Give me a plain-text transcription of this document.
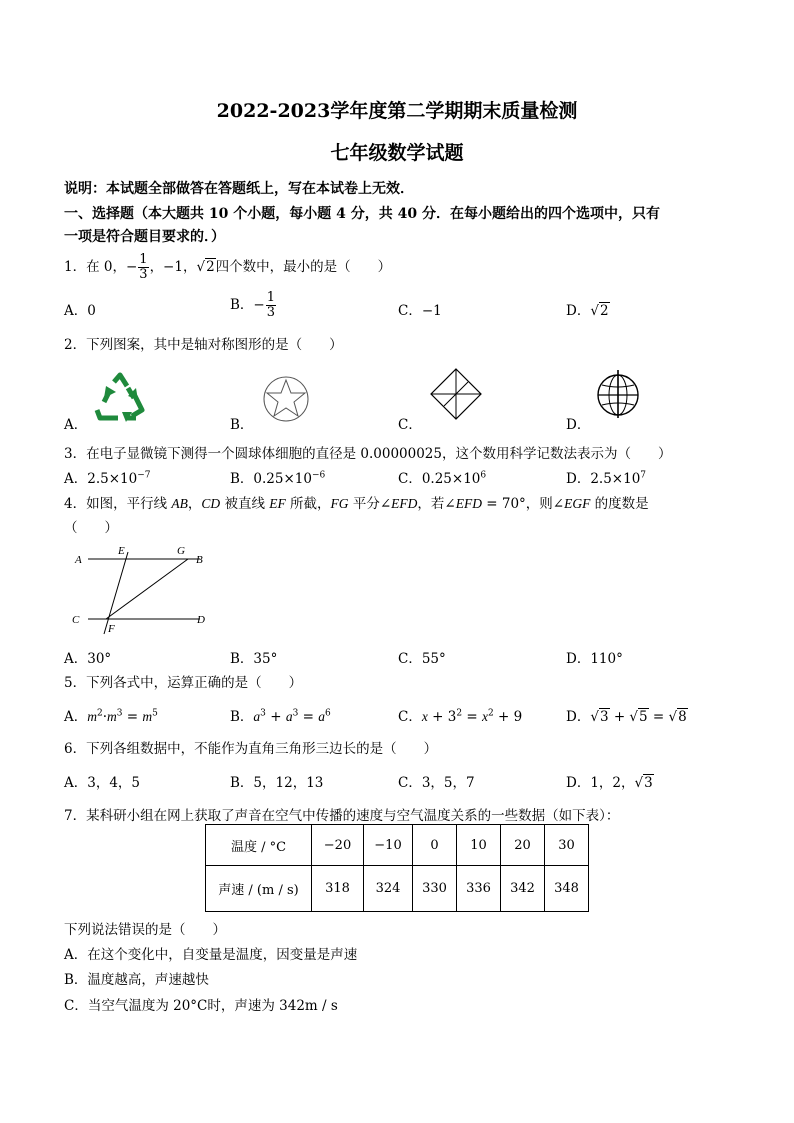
2022-2023学年度第二学期期末质量检测
七年级数学试题
说明：本试题全部做答在答题纸上，写在本试卷上无效．
一、选择题（本大题共 10 个小题，每小题 4 分，共 40 分．在每小题给出的四个选项中，只有
一项是符合题目要求的．）
1．在 0，− $\frac{1}{3}$ ，−1，√2四个数中，最小的是（　　）
A．0	B．− $\frac{1}{3}$	C．−1	D．√2
2．下列图案，其中是轴对称图形的是（　　）
A．	B．	C．	D．
3．在电子显微镜下测得一个圆球体细胞的直径是 0.00000025，这个数用科学记数法表示为（　　）
A．$2.5\times 10^{-7}$	B．$0.25\times 10^{-6}$	C．$0.25\times 10^6$	D．$2.5\times 10^7$
4．如图，平行线 AB，CD 被直线 EF 所截，FG 平分∠EFD，若∠EFD = 70°，则∠EGF 的度数是
（　　）
A
E	G
B
C
F
D
A．30°	B．35°	C．55°	D．110°
5．下列各式中，运算正确的是（　　）
A．$m^2\cdot m^3 = m^5$	B．$a^3 + a^3 = a^6$	C．$x + 3^2 = x^2 + 9$	D．√3 + √5 = √8
6．下列各组数据中，不能作为直角三角形三边长的是（　　）
A．3，4，5	B．5，12，13	C．3，5，7	D．1，2，√3
7．某科研小组在网上获取了声音在空气中传播的速度与空气温度关系的一些数据（如下表）：
温度 / °C	−20	−10	0	10	20	30
声速 / (m / s)	318	324	330	336	342	348
下列说法错误的是（　　）
A．在这个变化中，自变量是温度，因变量是声速
B．温度越高，声速越快
C．当空气温度为 20°C时，声速为 342m / s
